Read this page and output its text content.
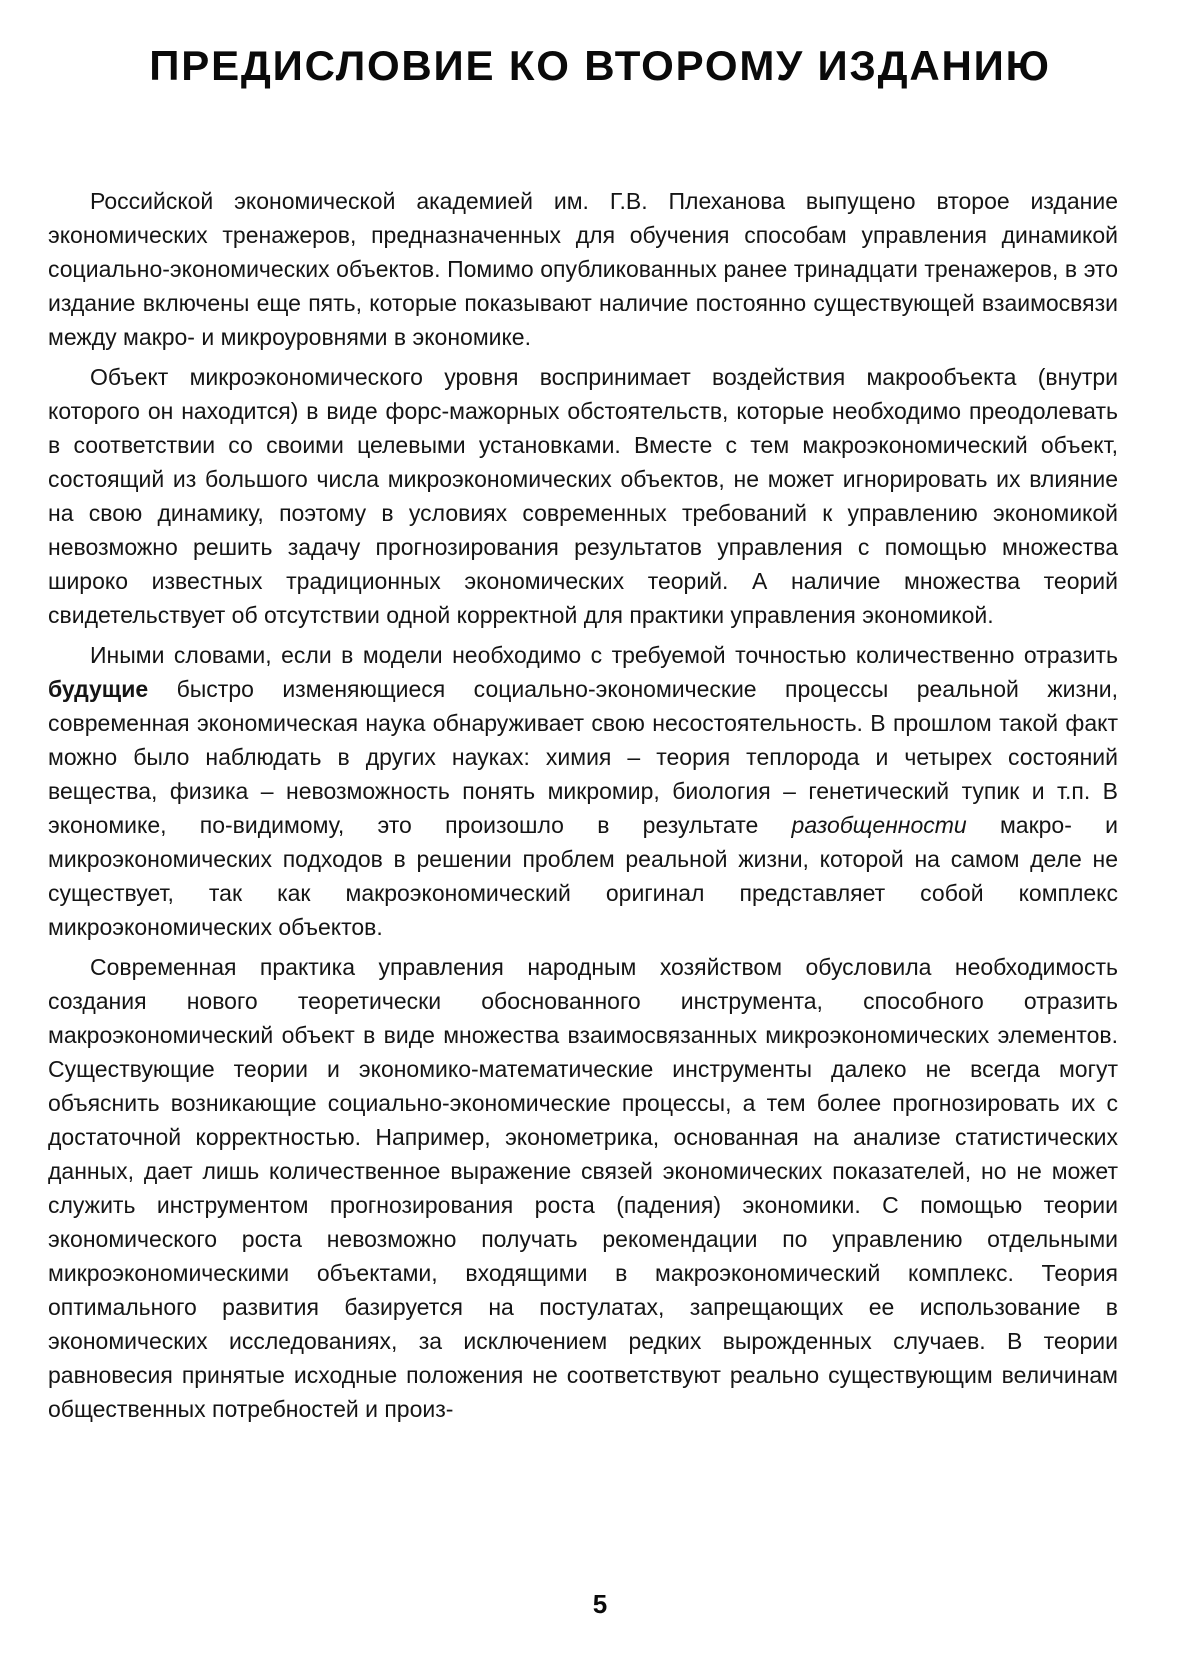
ПРЕДИСЛОВИЕ КО ВТОРОМУ ИЗДАНИЮ

Российской экономической академией им. Г.В. Плеханова выпущено второе издание экономических тренажеров, предназначенных для обучения способам управления динамикой социально-экономических объектов. Помимо опубликованных ранее тринадцати тренажеров, в это издание включены еще пять, которые показывают наличие постоянно существующей взаимосвязи между макро- и микроуровнями в экономике.

Объект микроэкономического уровня воспринимает воздействия макрообъекта (внутри которого он находится) в виде форс-мажорных обстоятельств, которые необходимо преодолевать в соответствии со своими целевыми установками. Вместе с тем макроэкономический объект, состоящий из большого числа микроэкономических объектов, не может игнорировать их влияние на свою динамику, поэтому в условиях современных требований к управлению экономикой невозможно решить задачу прогнозирования результатов управления с помощью множества широко известных традиционных экономических теорий. А наличие множества теорий свидетельствует об отсутствии одной корректной для практики управления экономикой.

Иными словами, если в модели необходимо с требуемой точностью количественно отразить будущие быстро изменяющиеся социально-экономические процессы реальной жизни, современная экономическая наука обнаруживает свою несостоятельность. В прошлом такой факт можно было наблюдать в других науках: химия – теория теплорода и четырех состояний вещества, физика – невозможность понять микромир, биология – генетический тупик и т.п. В экономике, по-видимому, это произошло в результате разобщенности макро- и микроэкономических подходов в решении проблем реальной жизни, которой на самом деле не существует, так как макроэкономический оригинал представляет собой комплекс микроэкономических объектов.

Современная практика управления народным хозяйством обусловила необходимость создания нового теоретически обоснованного инструмента, способного отразить макроэкономический объект в виде множества взаимосвязанных микроэкономических элементов. Существующие теории и экономико-математические инструменты далеко не всегда могут объяснить возникающие социально-экономические процессы, а тем более прогнозировать их с достаточной корректностью. Например, эконометрика, основанная на анализе статистических данных, дает лишь количественное выражение связей экономических показателей, но не может служить инструментом прогнозирования роста (падения) экономики. С помощью теории экономического роста невозможно получать рекомендации по управлению отдельными микроэкономическими объектами, входящими в макроэкономический комплекс. Теория оптимального развития базируется на постулатах, запрещающих ее использование в экономических исследованиях, за исключением редких вырожденных случаев. В теории равновесия принятые исходные положения не соответствуют реально существующим величинам общественных потребностей и произ-

5
